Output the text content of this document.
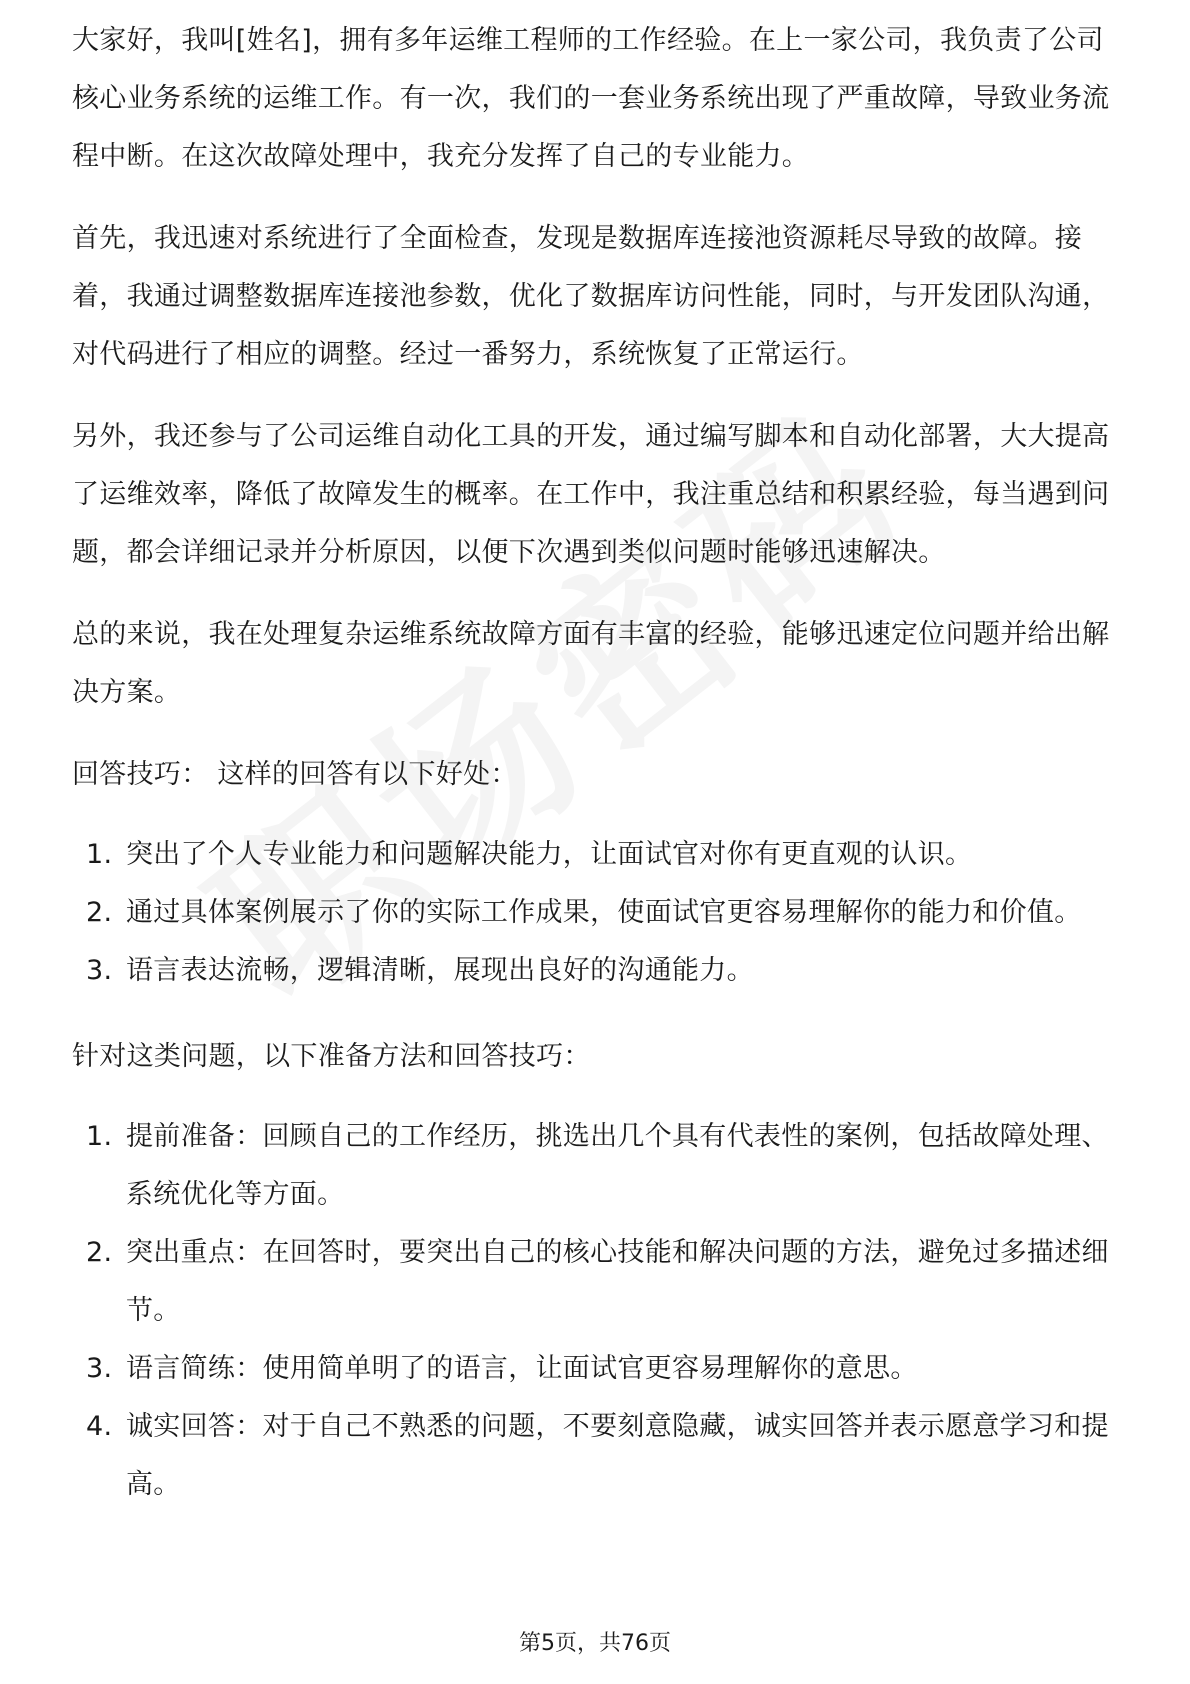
大家好，我叫[姓名]，拥有多年运维工程师的工作经验。在上一家公司，我负责了公司核心业务系统的运维工作。有一次，我们的一套业务系统出现了严重故障，导致业务流程中断。在这次故障处理中，我充分发挥了自己的专业能力。

首先，我迅速对系统进行了全面检查，发现是数据库连接池资源耗尽导致的故障。接着，我通过调整数据库连接池参数，优化了数据库访问性能，同时，与开发团队沟通，对代码进行了相应的调整。经过一番努力，系统恢复了正常运行。

另外，我还参与了公司运维自动化工具的开发，通过编写脚本和自动化部署，大大提高了运维效率，降低了故障发生的概率。在工作中，我注重总结和积累经验，每当遇到问题，都会详细记录并分析原因，以便下次遇到类似问题时能够迅速解决。

总的来说，我在处理复杂运维系统故障方面有丰富的经验，能够迅速定位问题并给出解决方案。

回答技巧： 这样的回答有以下好处：

1. 突出了个人专业能力和问题解决能力，让面试官对你有更直观的认识。
2. 通过具体案例展示了你的实际工作成果，使面试官更容易理解你的能力和价值。
3. 语言表达流畅，逻辑清晰，展现出良好的沟通能力。

针对这类问题，以下准备方法和回答技巧：

1. 提前准备：回顾自己的工作经历，挑选出几个具有代表性的案例，包括故障处理、系统优化等方面。
2. 突出重点：在回答时，要突出自己的核心技能和解决问题的方法，避免过多描述细节。
3. 语言简练：使用简单明了的语言，让面试官更容易理解你的意思。
4. 诚实回答：对于自己不熟悉的问题，不要刻意隐藏，诚实回答并表示愿意学习和提高。
第5页，共76页
